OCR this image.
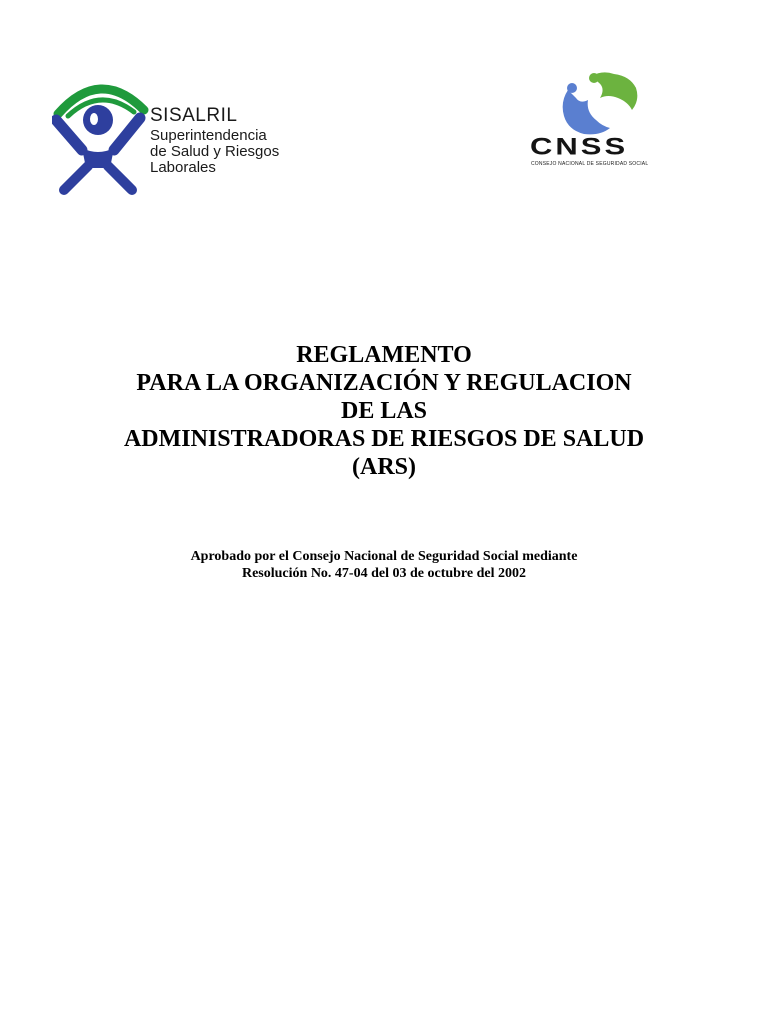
SISALRIL
Superintendencia
de Salud y Riesgos
Laborales
CNSS
CONSEJO NACIONAL DE SEGURIDAD SOCIAL
REGLAMENTO
PARA LA ORGANIZACIÓN Y REGULACION
DE LAS
ADMINISTRADORAS DE RIESGOS DE SALUD
(ARS)
Aprobado por el Consejo Nacional de Seguridad Social mediante
Resolución No. 47-04 del 03 de octubre del 2002
